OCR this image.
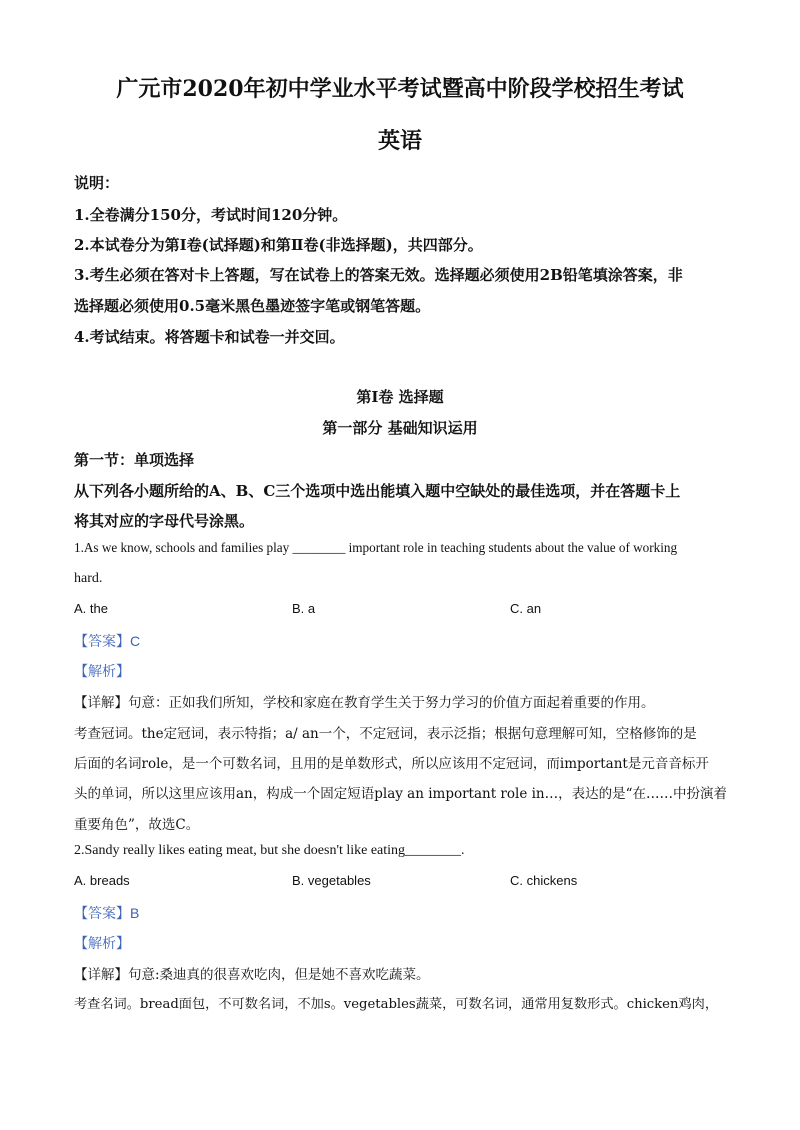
广元市2020年初中学业水平考试暨高中阶段学校招生考试
英语
说明：
1.全卷满分150分，考试时间120分钟。
2.本试卷分为第Ⅰ卷(试择题)和第Ⅱ卷(非选择题)，共四部分。
3.考生必须在答对卡上答题，写在试卷上的答案无效。选择题必须使用2B铅笔填涂答案，非
选择题必须使用0.5毫米黑色墨迹签字笔或钢笔答题。
4.考试结束。将答题卡和试卷一并交回。
第Ⅰ卷 选择题
第一部分 基础知识运用
第一节：单项选择
从下列各小题所给的A、B、C三个选项中选出能填入题中空缺处的最佳选项，并在答题卡上
将其对应的字母代号涂黑。
1.As we know, schools and families play ________ important role in teaching students about the value of working
hard.
A. the	B. a	C. an
【答案】C
【解析】
【详解】句意：正如我们所知，学校和家庭在教育学生关于努力学习的价值方面起着重要的作用。
考查冠词。the定冠词，表示特指；a/ an一个，不定冠词，表示泛指；根据句意理解可知，空格修饰的是
后面的名词role，是一个可数名词，且用的是单数形式，所以应该用不定冠词，而important是元音音标开
头的单词，所以这里应该用an，构成一个固定短语play an important role in…，表达的是“在……中扮演着
重要角色”，故选C。
2.Sandy really likes eating meat, but she doesn't like eating________.
A. breads	B. vegetables	C. chickens
【答案】B
【解析】
【详解】句意:桑迪真的很喜欢吃肉，但是她不喜欢吃蔬菜。
考查名词。bread面包，不可数名词，不加s。vegetables蔬菜，可数名词，通常用复数形式。chicken鸡肉，
